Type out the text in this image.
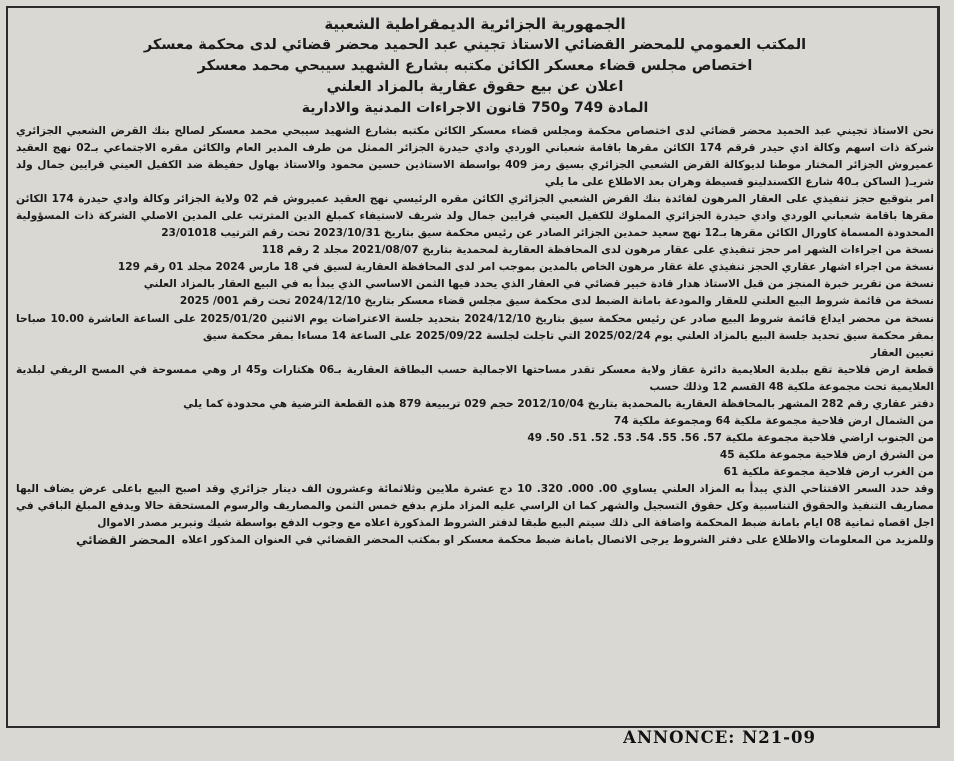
الجمهورية الجزائرية الديمقراطية الشعبية
المكتب العمومي للمحضر القضائي الاستاذ تجيني عبد الحميد محضر قضائي لدى محكمة معسكر
اختصاص مجلس قضاء معسكر الكائن مكتبه بشارع الشهيد سيبحي محمد معسكر
اعلان عن بيع حقوق عقارية بالمزاد العلني
المادة 749 و750 قانون الاجراءات المدنية والادارية

نحن الاستاذ تجيني عبد الحميد محضر قضائي لدى اختصاص محكمة ومجلس قضاء معسكر الكائن مكتبه بشارع الشهيد سيبحي محمد معسكر لصالح بنك القرض الشعبي الجزائري شركة ذات اسهم وكالة ادي حيدر قرقم 174 الكائن مقرها باقامة شعباني الوردي وادي حيدرة الجزائر الممثل من طرف المدير العام والكائن مقره الاجتماعي بـ02 نهج العقيد عميروش الجزائر المختار موطنا لديوكالة القرض الشعبي الجزائري بسيق رمز 409 بواسطة الاستاذين حسين محمود والاستاذ بهاول حفيظة ضد الكفيل العيني قرايين جمال ولد شريـ( الساكن بـ40 شارع الكسندلينو قسيطة وهران بعد الاطلاع على ما يلي

امر بتوقيع حجز تنفيذي على العقار المرهون لفائدة بنك القرض الشعبي الجزائري الكائن مقره الرئيسي نهج العقيد عميروش قم 02 ولاية الجزائر وكالة وادي حيدرة 174 الكائن مقرها باقامة شعباني الوردي وادي حيدرة الجزائري المملوك للكفيل العيني قرايين جمال ولد شريف لاستيفاء كمبلغ الدين المترتب على المدين الاصلي الشركة ذات المسؤولية المحدودة المسماة كاورال الكائن مقرها بـ12 نهج سعيد حمدين الجزائر الصادر عن رئيس محكمة سيق بتاريخ 2023/10/31 تحت رقم الترتيب 23/01018

نسخة من اجراءات الشهر امر حجز تنفيذي على عقار مرهون لدى المحافظة العقارية لمحمدية بتاريخ 2021/08/07 مجلد 2 رقم 118

نسخة من اجراء اشهار عقاري الحجز تنفيذي علة عقار مرهون الخاص بالمدين بموجب امر لدى المحافظة العقارية لسيق في 18 مارس 2024 مجلد 01 رقم 129

نسخة من تقرير خبرة المنجز من قبل الاستاذ هدار قادة خبير قضائي في العقار الذي يحدد فيها الثمن الاساسي الذي يبدأ به في البيع العقار بالمزاد العلني

نسخة من قائمة شروط البيع العلني للعقار والمودعة بامانة الضبط لدى محكمة سيق مجلس قضاء معسكر بتاريخ 2024/12/10 تحت رقم 001/ 2025

نسخة من محضر ايداع قائمة شروط البيع صادر عن رئيس محكمة سيق بتاريخ 2024/12/10 بتحديد جلسة الاعتراضات يوم الاثنين 2025/01/20 على الساعة العاشرة 10.00 صباحا بمقر محكمة سيق تحديد جلسة البيع بالمزاد العلني يوم 2025/02/24 التي تاجلت لجلسة 2025/09/22 على الساعة 14 مساءا بمقر محكمة سيق

تعيين العقار

قطعة ارض فلاحية تقع ببلدية العلايمية دائرة عقاز ولاية معسكر تقدر مساحتها الاجمالية حسب البطاقة العقارية بـ06 هكتارات و45 ار وهي ممسوحة في المسح الريفي لبلدية العلايمية تحت مجموعة ملكية 48 القسم 12 وذلك حسب

دفتر عقاري رقم 282 المشهر بالمحافظة العقارية بالمحمدية بتاريخ 2012/10/04 حجم 029 ترببيعة 879 هذه القطعة الترضية هي محدودة كما يلي

من الشمال ارض فلاحية مجموعة ملكية 64 ومجموعة ملكية 74

من الجنوب اراضي فلاحية مجموعة ملكية 57. 56. 55. 54. 53. 52. 51. 50. 49

من الشرق ارض فلاحية مجموعة ملكية 45

من الغرب ارض فلاحية مجموعة ملكية 61

وقد حدد السعر الافتتاحي الذي يبدأ به المزاد العلني يساوي 00. 000. 320. 10 دج عشرة ملايين وثلاثمائة وعشرون الف دينار جزائري وقد اصبح البيع باعلى عرض يضاف اليها مصاريف التنفيذ والحقوق التناسبية وكل حقوق التسجيل والشهر كما ان الراسي عليه المزاد ملزم بدفع خمس الثمن والمصاريف والرسوم المستحقة حالا ويدفع المبلغ الباقي في اجل اقصاه ثمانية 08 ايام بامانة ضبط المحكمة واضافة الى ذلك سيتم البيع طبقا لدفتر الشروط المذكورة اعلاه مع وجوب الدفع بواسطة شيك وتبرير مصدر الاموال

وللمزيد من المعلومات والاطلاع على دفتر الشروط يرجى الاتصال بامانة ضبط محكمة معسكر او بمكتب المحضر القضائي في العنوان المذكور اعلاه
المحضر القضائي
ANNONCE: N21-09
